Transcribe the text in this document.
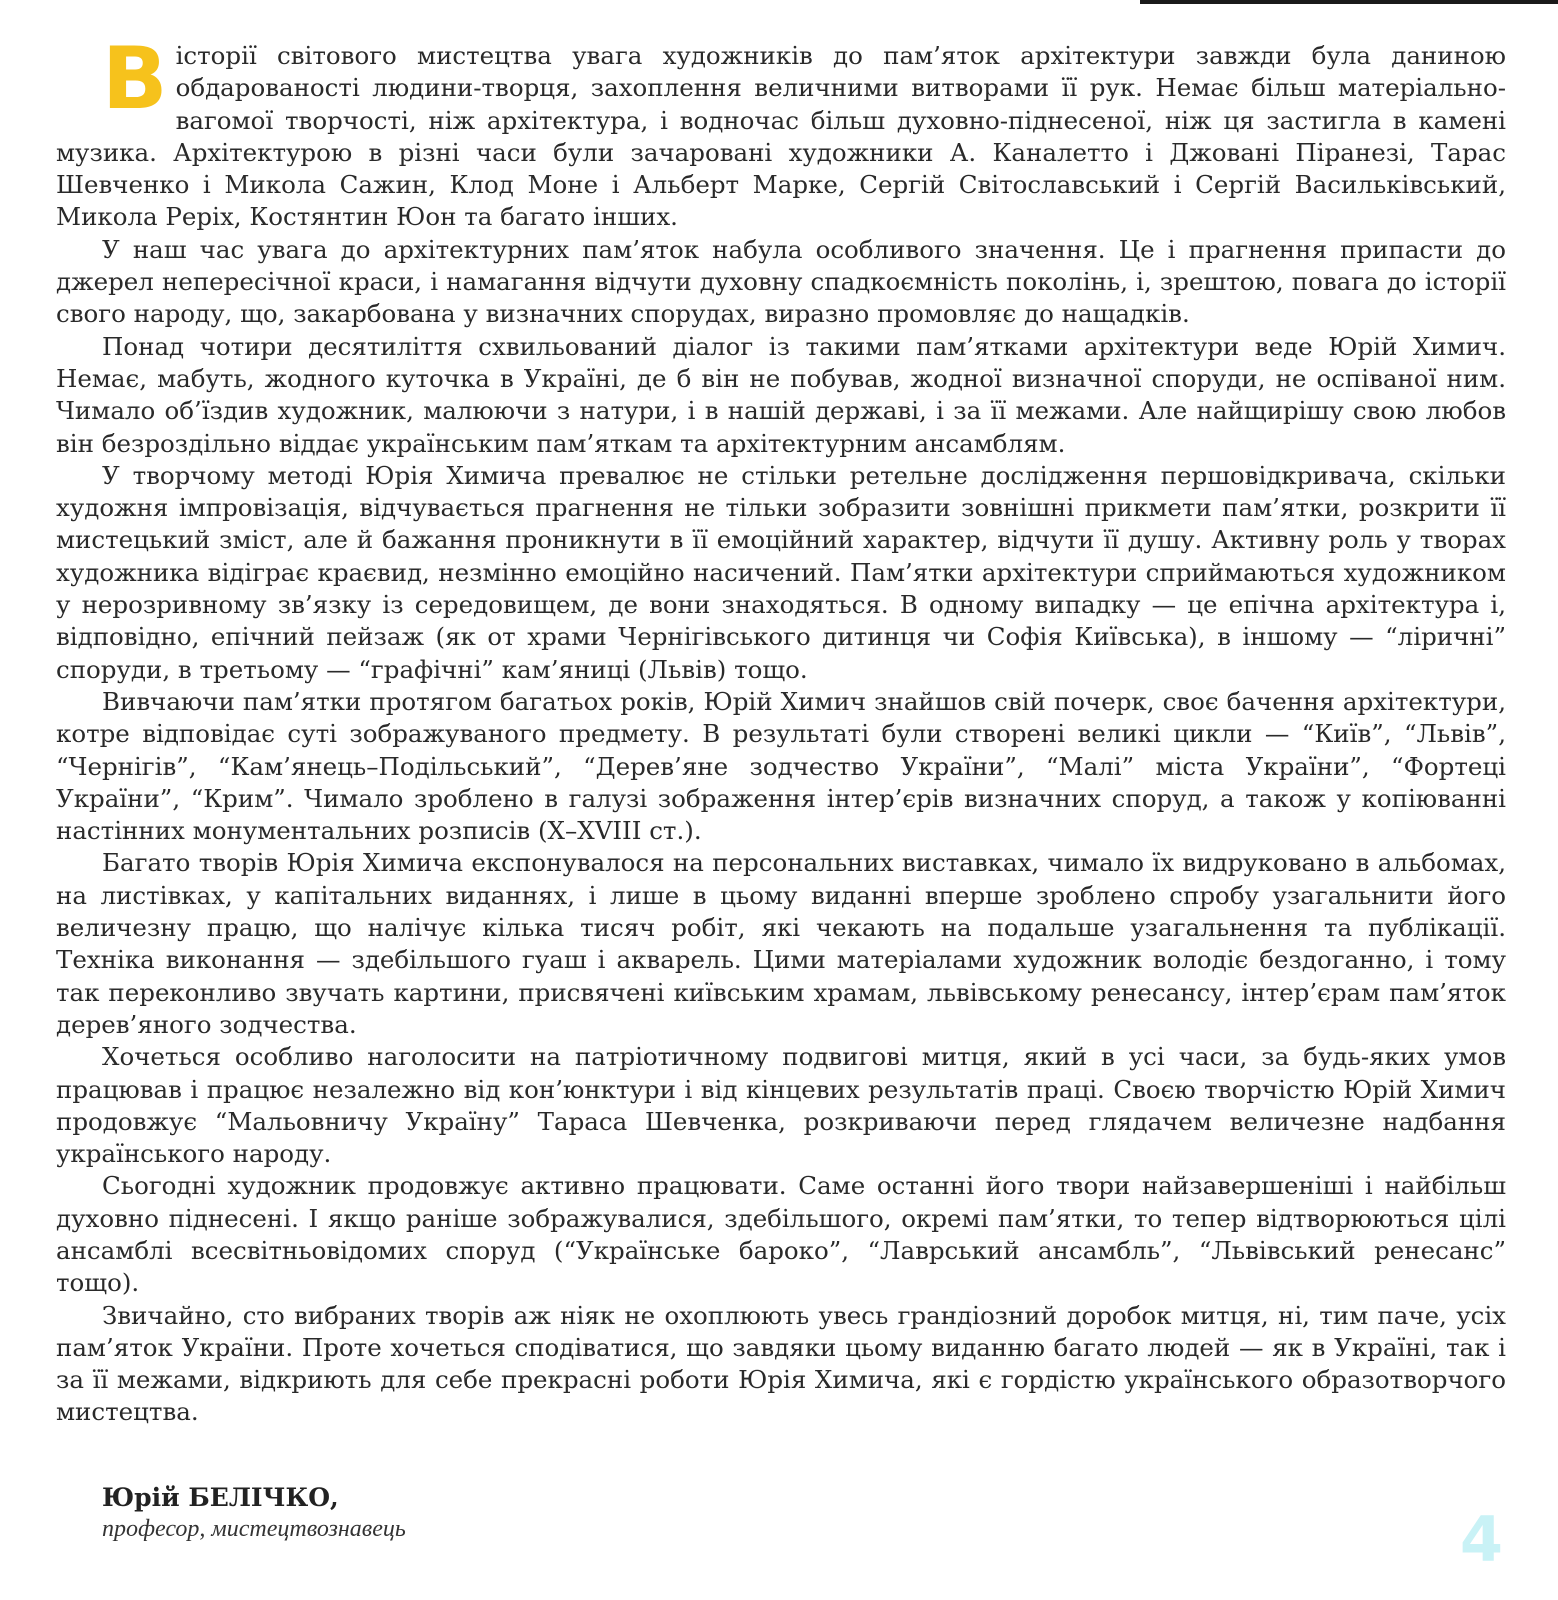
В історії світового мистецтва увага художників до пам’яток архітектури завжди була даниною обдарованості людини-творця, захоплення величними витворами її рук. Немає більш матеріально-вагомої творчості, ніж архітектура, і водночас більш духовно-піднесеної, ніж ця застигла в камені музика. Архітектурою в різні часи були зачаровані художники А. Каналетто і Джовані Піранезі, Тарас Шевченко і Микола Сажин, Клод Моне і Альберт Марке, Сергій Світославський і Сергій Васильківський, Микола Реріх, Костянтин Юон та багато інших.

У наш час увага до архітектурних пам’яток набула особливого значення. Це і прагнення припасти до джерел непересічної краси, і намагання відчути духовну спадкоємність поколінь, і, зрештою, повага до історії свого народу, що, закарбована у визначних спорудах, виразно промовляє до нащадків.

Понад чотири десятиліття схвильований діалог із такими пам’ятками архітектури веде Юрій Химич. Немає, мабуть, жодного куточка в Україні, де б він не побував, жодної визначної споруди, не оспіваної ним. Чимало об’їздив художник, малюючи з натури, і в нашій державі, і за її межами. Але найщирішу свою любов він безроздільно віддає українським пам’яткам та архітектурним ансамблям.

У творчому методі Юрія Химича превалює не стільки ретельне дослідження першовідкривача, скільки художня імпровізація, відчувається прагнення не тільки зобразити зовнішні прикмети пам’ятки, розкрити її мистецький зміст, але й бажання проникнути в її емоційний характер, відчути її душу. Активну роль у творах художника відіграє краєвид, незмінно емоційно насичений. Пам’ятки архітектури сприймаються художником у нерозривному зв’язку із середовищем, де вони знаходяться. В одному випадку — це епічна архітектура і, відповідно, епічний пейзаж (як от храми Чернігівського дитинця чи Софія Київська), в іншому — “ліричні” споруди, в третьому — “графічні” кам’яниці (Львів) тощо.

Вивчаючи пам’ятки протягом багатьох років, Юрій Химич знайшов свій почерк, своє бачення архітектури, котре відповідає суті зображуваного предмету. В результаті були створені великі цикли — “Київ”, “Львів”, “Чернігів”, “Кам’янець–Подільський”, “Дерев’яне зодчество України”, “Малі” міста України”, “Фортеці України”, “Крим”. Чимало зроблено в галузі зображення інтер’єрів визначних споруд, а також у копіюванні настінних монументальних розписів (Х–XVIII ст.).

Багато творів Юрія Химича експонувалося на персональних виставках, чимало їх видруковано в альбомах, на листівках, у капітальних виданнях, і лише в цьому виданні вперше зроблено спробу узагальнити його величезну працю, що налічує кілька тисяч робіт, які чекають на подальше узагальнення та публікації. Техніка виконання — здебільшого гуаш і акварель. Цими матеріалами художник володіє бездоганно, і тому так переконливо звучать картини, присвячені київським храмам, львівському ренесансу, інтер’єрам пам’яток дерев’яного зодчества.

Хочеться особливо наголосити на патріотичному подвигові митця, який в усі часи, за будь-яких умов працював і працює незалежно від кон’юнктури і від кінцевих результатів праці. Своєю творчістю Юрій Химич продовжує “Мальовничу Україну” Тараса Шевченка, розкриваючи перед глядачем величезне надбання українського народу.

Сьогодні художник продовжує активно працювати. Саме останні його твори найзавершеніші і найбільш духовно піднесені. І якщо раніше зображувалися, здебільшого, окремі пам’ятки, то тепер відтворюються цілі ансамблі всесвітньовідомих споруд (“Українське бароко”, “Лаврський ансамбль”, “Львівський ренесанс” тощо).

Звичайно, сто вибраних творів аж ніяк не охоплюють увесь грандіозний доробок митця, ні, тим паче, усіх пам’яток України. Проте хочеться сподіватися, що завдяки цьому виданню багато людей — як в Україні, так і за її межами, відкриють для себе прекрасні роботи Юрія Химича, які є гордістю українського образотворчого мистецтва.

Юрій БЕЛІЧКО,
професор, мистецтвознавець	4
